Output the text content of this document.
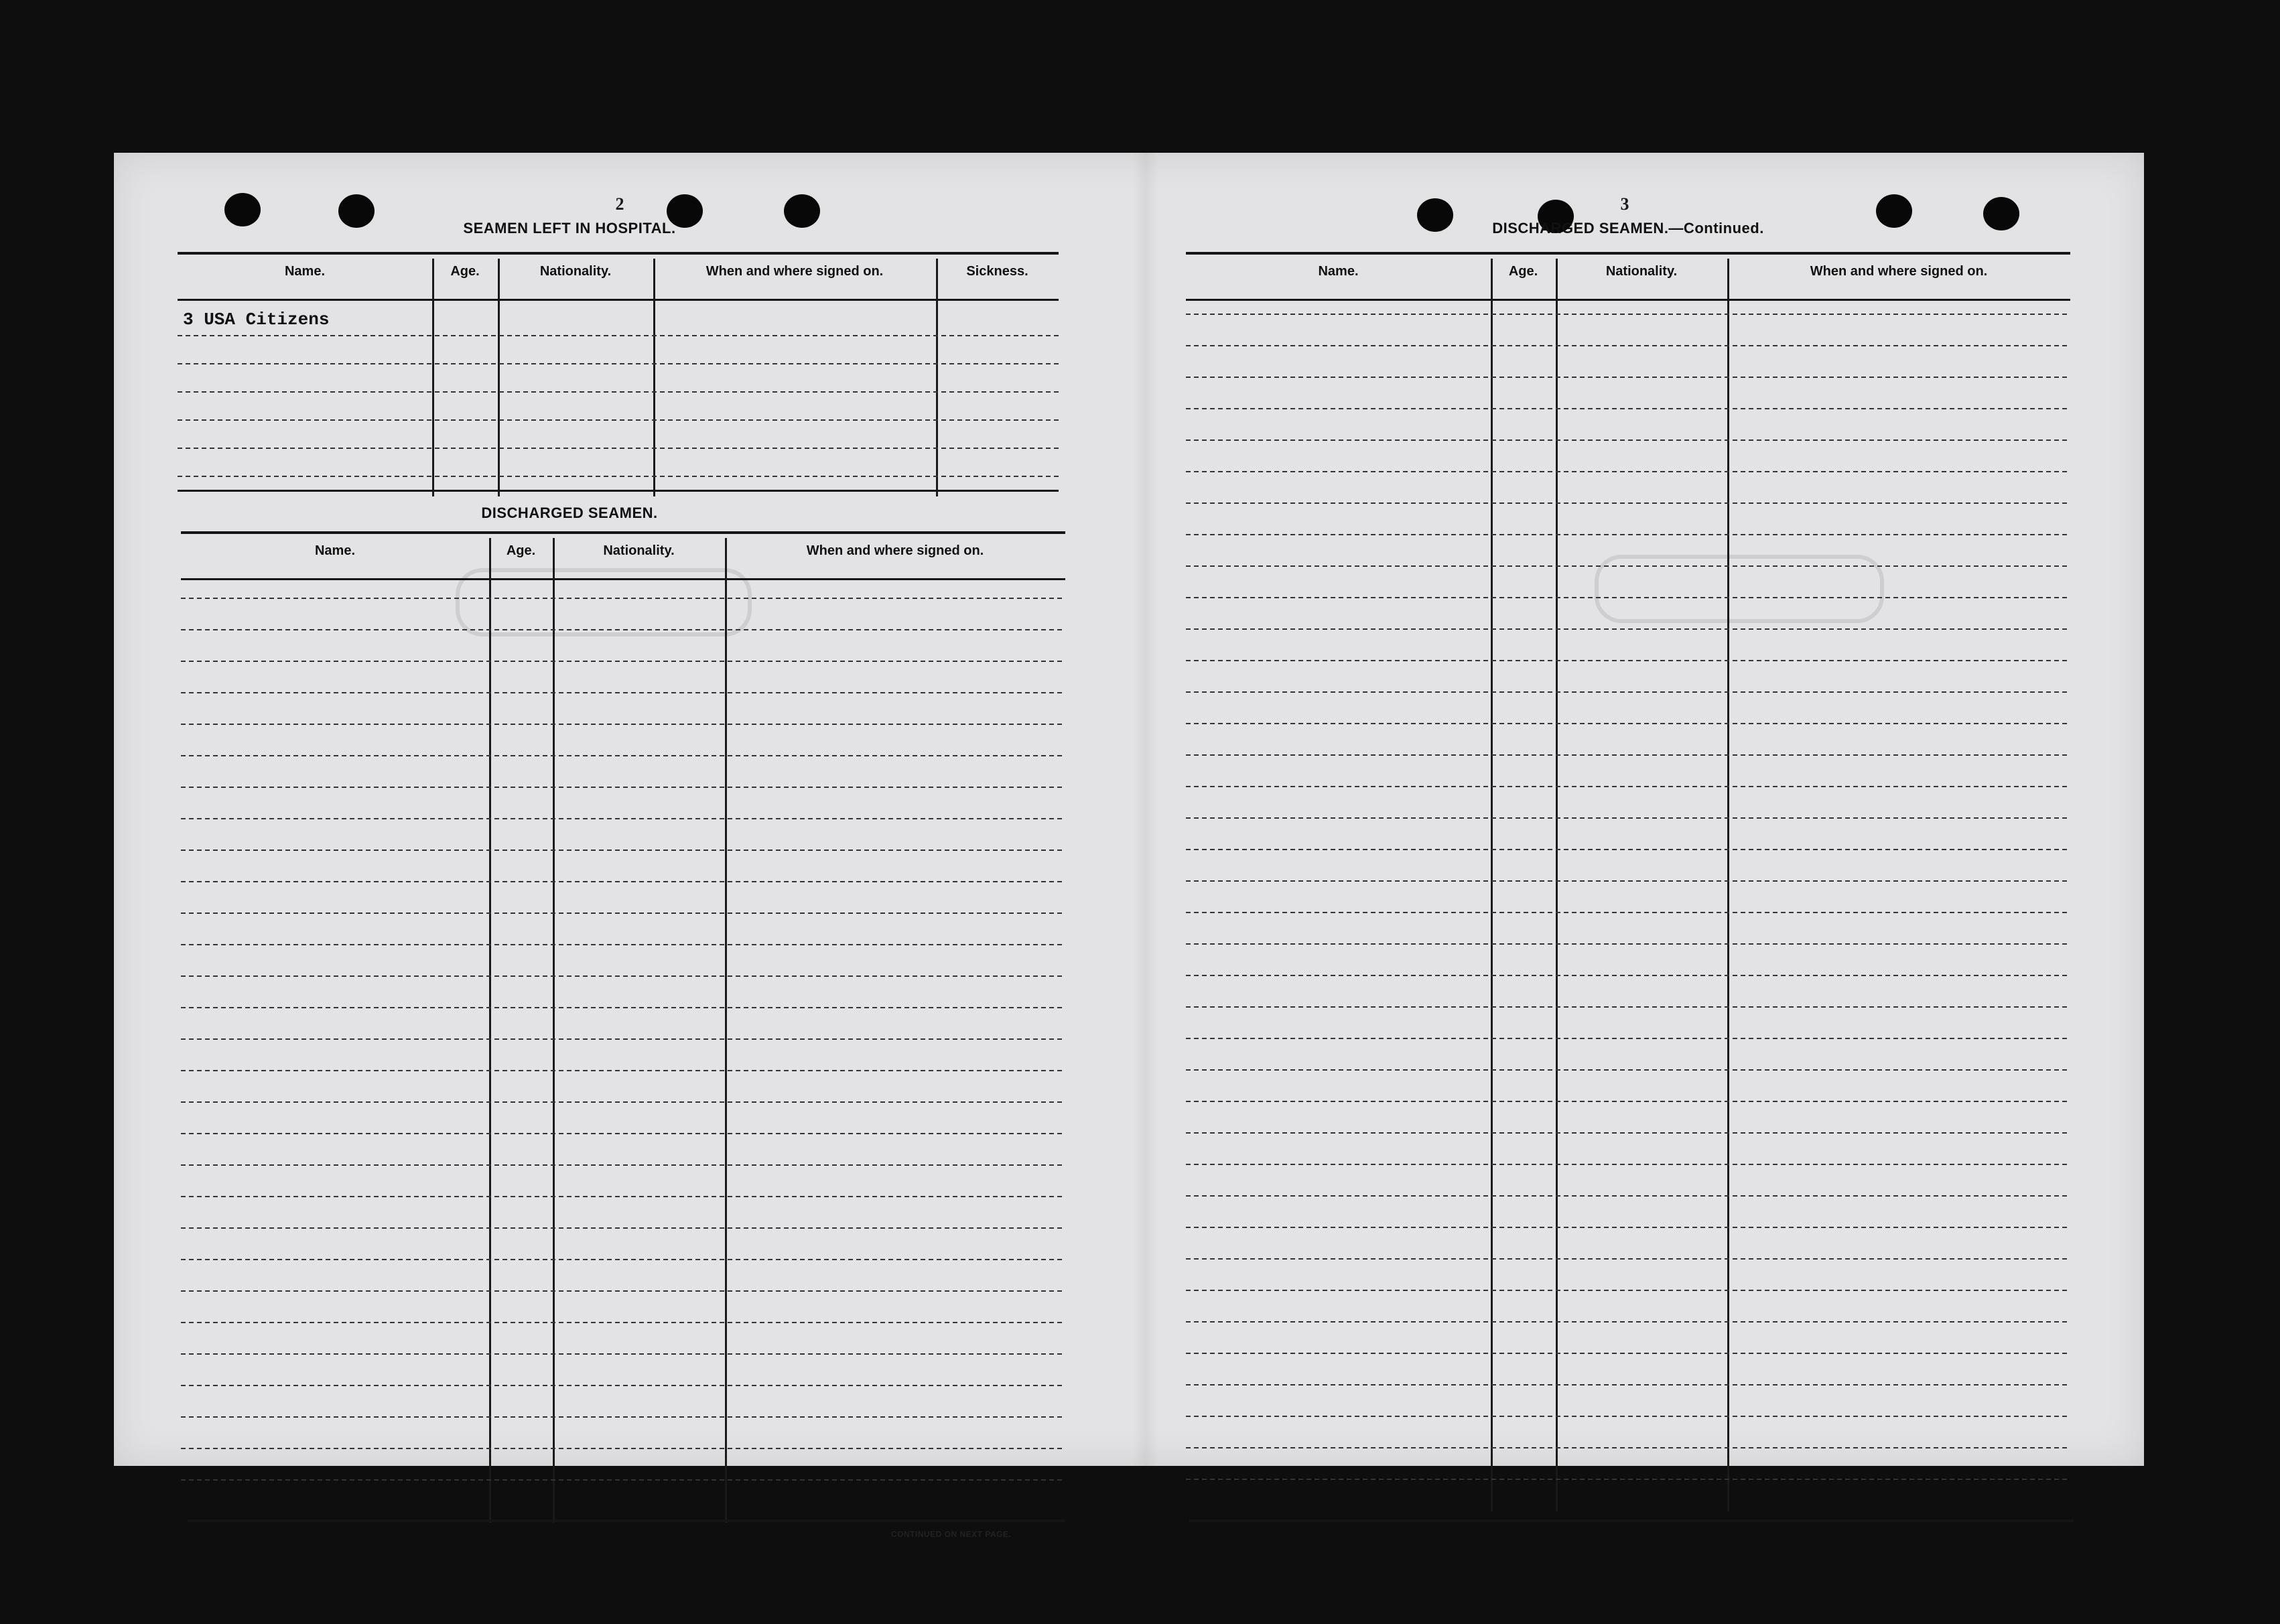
2
SEAMEN LEFT IN HOSPITAL.
Name.	Age.	Nationality.	When and where signed on.	Sickness.
3 USA Citizens
DISCHARGED SEAMEN.
Name.	Age.	Nationality.	When and where signed on.
CONTINUED ON NEXT PAGE.
3
DISCHARGED SEAMEN.—Continued.
Name.	Age.	Nationality.	When and where signed on.
